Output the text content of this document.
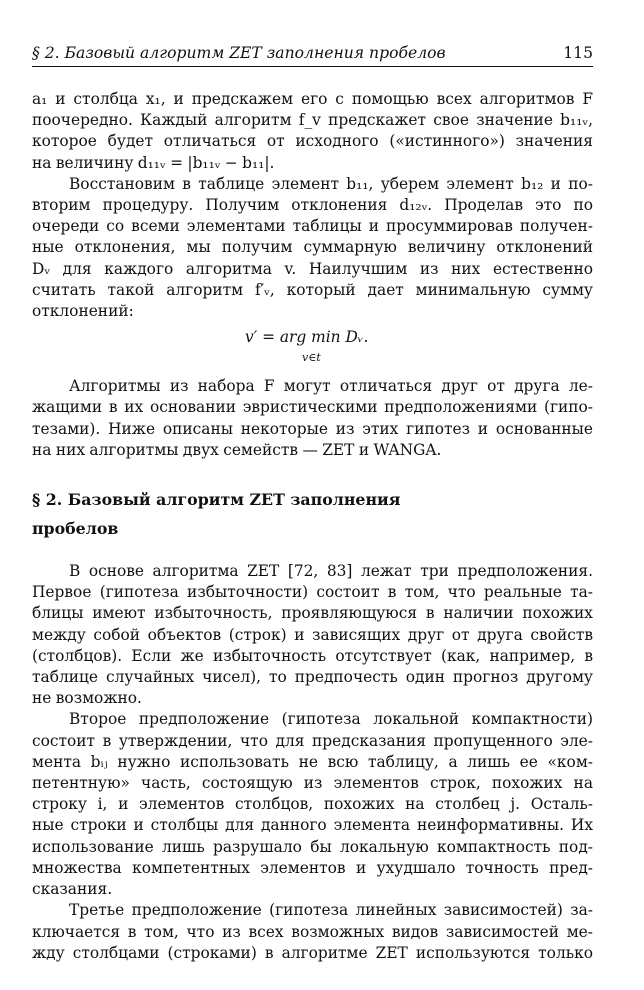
§ 2. Базовый алгоритм ZET заполнения пробелов	115

a₁ и столбца x₁, и предскажем его с помощью всех алгоритмов F
поочередно. Каждый алгоритм f_v предскажет свое значение b₁₁ᵥ,
которое будет отличаться от исходного («истинного») значения
на величину d₁₁ᵥ = |b₁₁ᵥ − b₁₁|.

Восстановим в таблице элемент b₁₁, уберем элемент b₁₂ и по-
вторим процедуру. Получим отклонения d₁₂ᵥ. Проделав это по
очереди со всеми элементами таблицы и просуммировав получен-
ные отклонения, мы получим суммарную величину отклонений
Dᵥ для каждого алгоритма v. Наилучшим из них естественно
считать такой алгоритм f′ᵥ, который дает минимальную сумму
отклонений:

v′ = arg min Dᵥ.
v∈t

Алгоритмы из набора F могут отличаться друг от друга ле-
жащими в их основании эвристическими предположениями (гипо-
тезами). Ниже описаны некоторые из этих гипотез и основанные
на них алгоритмы двух семейств — ZET и WANGA.

§ 2. Базовый алгоритм ZET заполнения
пробелов

В основе алгоритма ZET [72, 83] лежат три предположения.
Первое (гипотеза избыточности) состоит в том, что реальные та-
блицы имеют избыточность, проявляющуюся в наличии похожих
между собой объектов (строк) и зависящих друг от друга свойств
(столбцов). Если же избыточность отсутствует (как, например, в
таблице случайных чисел), то предпочесть один прогноз другому
не возможно.

Второе предположение (гипотеза локальной компактности)
состоит в утверждении, что для предсказания пропущенного эле-
мента bᵢⱼ нужно использовать не всю таблицу, а лишь ее «ком-
петентную» часть, состоящую из элементов строк, похожих на
строку i, и элементов столбцов, похожих на столбец j. Осталь-
ные строки и столбцы для данного элемента неинформативны. Их
использование лишь разрушало бы локальную компактность под-
множества компетентных элементов и ухудшало точность пред-
сказания.

Третье предположение (гипотеза линейных зависимостей) за-
ключается в том, что из всех возможных видов зависимостей ме-
жду столбцами (строками) в алгоритме ZET используются только
